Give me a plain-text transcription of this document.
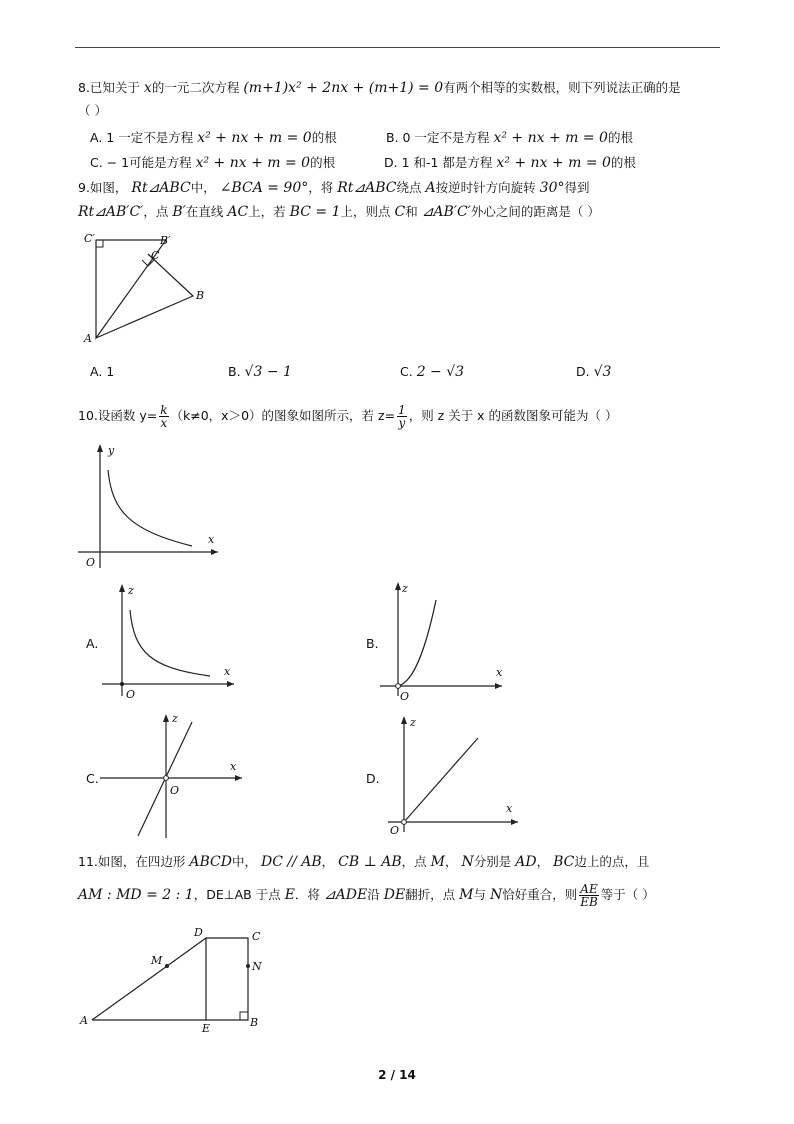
8.已知关于 x的一元二次方程 (m+1)x² + 2nx + (m+1) = 0有两个相等的实数根，则下列说法正确的是
（ ）
A. 1 一定不是方程 x² + nx + m = 0的根	B. 0 一定不是方程 x² + nx + m = 0的根
C. − 1可能是方程 x² + nx + m = 0的根	D. 1 和-1 都是方程 x² + nx + m = 0的根
9.如图， Rt⊿ABC中， ∠BCA = 90°，将 Rt⊿ABC绕点 A按逆时针方向旋转 30°得到
Rt⊿AB′C′，点 B′在直线 AC上，若 BC = 1上，则点 C和 ⊿AB′C′外心之间的距离是（ ）
C′	B′
C
B
A
A. 1	B. √3 − 1	C. 2 − √3	D. √3
10.设函数 $y= \frac{k}{x} (k\ne 0$，x＞0）的图象如图所示，若 $z= \frac{1}{y}$ ，则 z 关于 x 的函数图象可能为（ ）
y
x
O
A.
z
x
O
B.
z
x
O
C.
z
x
O
D.
z
x
O
11.如图，在四边形 ABCD中， DC // AB， CB ⊥ AB，点 M， N分别是 AD， BC边上的点，且
AM : MD = 2 : 1，DE⊥AB 于点 E．将 ⊿ADE沿 DE翻折，点 M与 N恰好重合，则 $\frac{AE}{EB}$ 等于（ ）
D	C
M	N
A
E	B
2 / 14
